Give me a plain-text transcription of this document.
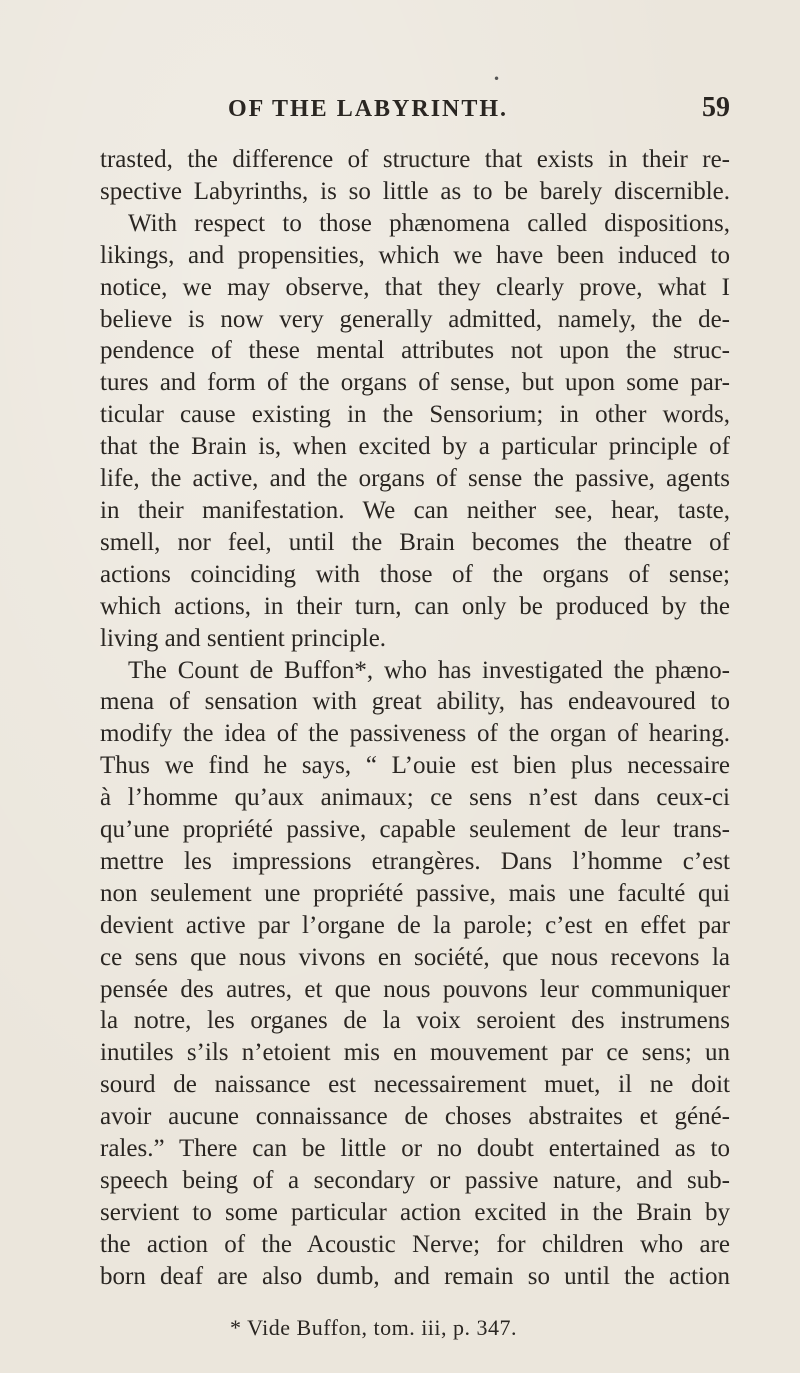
•
OF THE LABYRINTH.	59
trasted, the difference of structure that exists in their re-
spective Labyrinths, is so little as to be barely discernible.
With respect to those phænomena called dispositions,
likings, and propensities, which we have been induced to
notice, we may observe, that they clearly prove, what I
believe is now very generally admitted, namely, the de-
pendence of these mental attributes not upon the struc-
tures and form of the organs of sense, but upon some par-
ticular cause existing in the Sensorium; in other words,
that the Brain is, when excited by a particular principle of
life, the active, and the organs of sense the passive, agents
in their manifestation. We can neither see, hear, taste,
smell, nor feel, until the Brain becomes the theatre of
actions coinciding with those of the organs of sense;
which actions, in their turn, can only be produced by the
living and sentient principle.
The Count de Buffon*, who has investigated the phæno-
mena of sensation with great ability, has endeavoured to
modify the idea of the passiveness of the organ of hearing.
Thus we find he says, “ L’ouie est bien plus necessaire
à l’homme qu’aux animaux; ce sens n’est dans ceux-ci
qu’une propriété passive, capable seulement de leur trans-
mettre les impressions etrangères. Dans l’homme c’est
non seulement une propriété passive, mais une faculté qui
devient active par l’organe de la parole; c’est en effet par
ce sens que nous vivons en société, que nous recevons la
pensée des autres, et que nous pouvons leur communiquer
la notre, les organes de la voix seroient des instrumens
inutiles s’ils n’etoient mis en mouvement par ce sens; un
sourd de naissance est necessairement muet, il ne doit
avoir aucune connaissance de choses abstraites et géné-
rales.” There can be little or no doubt entertained as to
speech being of a secondary or passive nature, and sub-
servient to some particular action excited in the Brain by
the action of the Acoustic Nerve; for children who are
born deaf are also dumb, and remain so until the action
* Vide Buffon, tom. iii, p. 347.
